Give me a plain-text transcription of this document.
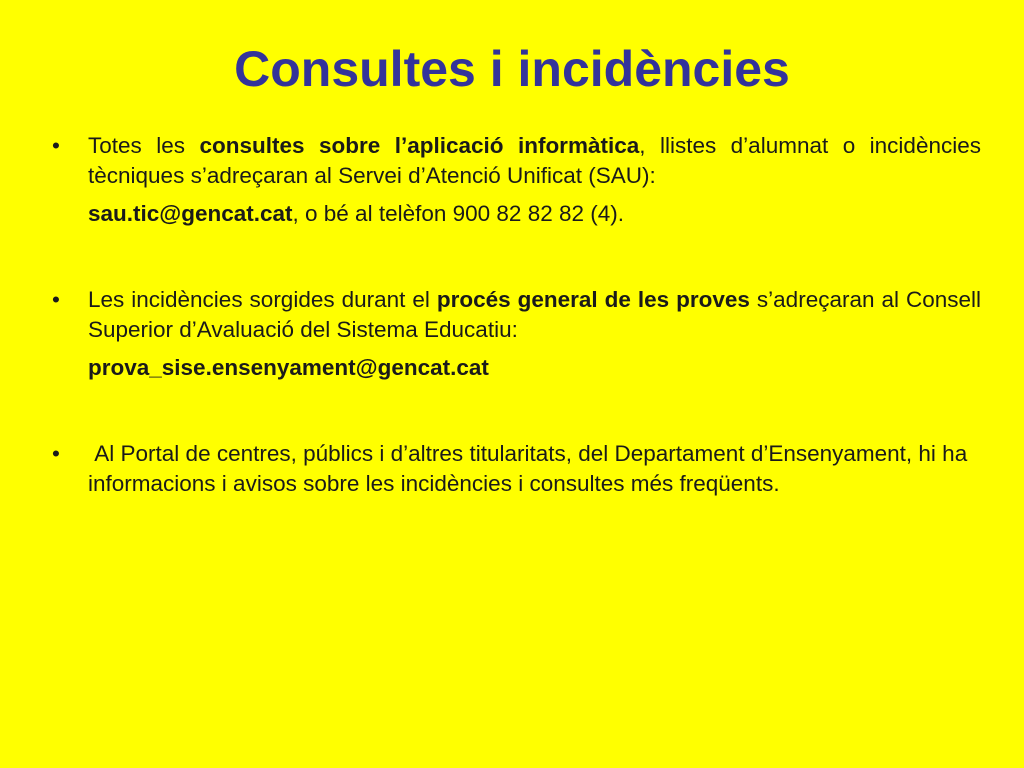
Consultes i incidències
•	Totes les consultes sobre l’aplicació informàtica, llistes d’alumnat o incidències tècniques s’adreçaran al Servei d’Atenció Unificat (SAU):
sau.tic@gencat.cat, o bé al telèfon 900 82 82 82 (4).
•	Les incidències sorgides durant el procés general de les proves s’adreçaran al Consell Superior d’Avaluació del Sistema Educatiu:
prova_sise.ensenyament@gencat.cat
•	Al Portal de centres, públics i d’altres titularitats, del Departament d’Ensenyament, hi ha informacions i avisos sobre les incidències i consultes més freqüents.
